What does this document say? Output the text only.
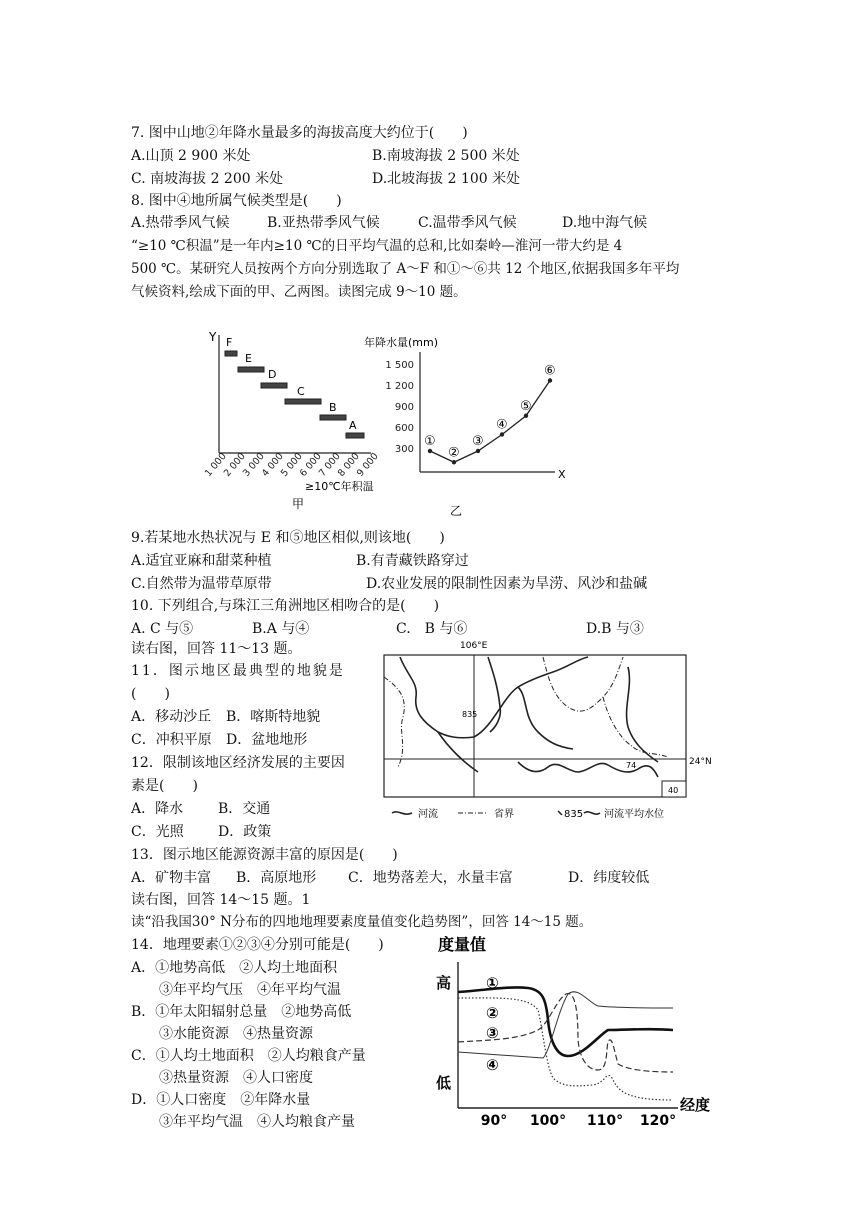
7. 图中山地②年降水量最多的海拔高度大约位于(　　)
A.山顶 2 900 米处	B.南坡海拔 2 500 米处
C. 南坡海拔 2 200 米处	D.北坡海拔 2 100 米处
8. 图中④地所属气候类型是(　　)
A.热带季风气候	B.亚热带季风气候	C.温带季风气候	D.地中海气候
“≥10 ℃积温”是一年内≥10 ℃的日平均气温的总和,比如秦岭—淮河一带大约是 4
500 ℃。某研究人员按两个方向分别选取了 A～F 和①～⑥共 12 个地区,依据我国多年平均
气候资料,绘成下面的甲、乙两图。读图完成 9～10 题。
Y F
E
D
C
B
A
1 000
2 000
3 000
4 000
5 000
6 000
7 000
8 000
9 000
≥10℃年积温
甲
年降水量(mm)
X
1 500
1 200
900
600
300
①
②
③
④
⑤
⑥
乙
9.若某地水热状况与 E 和⑤地区相似,则该地(　　)
A.适宜亚麻和甜菜种植	B.有青藏铁路穿过
C.自然带为温带草原带	D.农业发展的限制性因素为旱涝、风沙和盐碱
10. 下列组合,与珠江三角洲地区相吻合的是(　　)
A. C 与⑤	B.A 与④	C.　B 与⑥	D.B 与③
读右图，回答 11～13 题。
11．图示地区最典型的地貌是
(　　)
A．移动沙丘 B．喀斯特地貌
C．冲积平原 D．盆地地形
12．限制该地区经济发展的主要因
素是(　　)
A．降水 B．交通
C．光照 D．政策
106°E
24°N
835
74
40
河流	省界	835 河流平均水位
13．图示地区能源资源丰富的原因是(　　)
A．矿物丰富 B．高原地形 C．地势落差大，水量丰富	D．纬度较低
读右图，回答 14～15 题。1
读“沿我国30° N分布的四地地理要素度量值变化趋势图”，回答 14～15 题。
14．地理要素①②③④分别可能是(　　)
A．①地势高低　②人均土地面积
　　③年平均气压　④年平均气温
B．①年太阳辐射总量　②地势高低
　　③水能资源　④热量资源
C．①人均土地面积　②人均粮食产量
　　③热量资源　④人口密度
D．①人口密度　②年降水量
　　③年平均气温　④人均粮食产量
度量值
高
低
①
②
③
④
90° 100° 110° 120°
经度
